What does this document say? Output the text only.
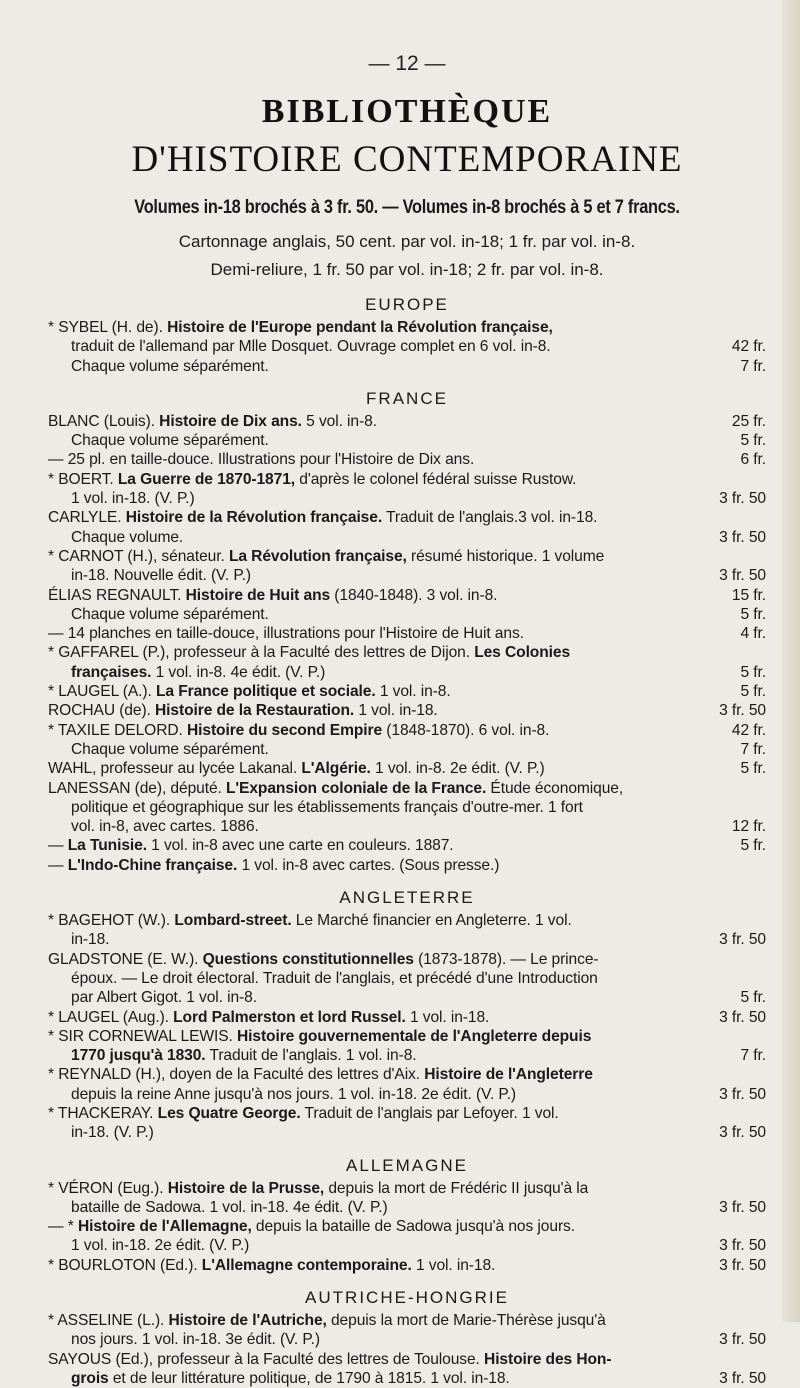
— 12 —
BIBLIOTHÈQUE
D'HISTOIRE CONTEMPORAINE
Volumes in-18 brochés à 3 fr. 50. — Volumes in-8 brochés à 5 et 7 francs.
Cartonnage anglais, 50 cent. par vol. in-18; 1 fr. par vol. in-8.
Demi-reliure, 1 fr. 50 par vol. in-18; 2 fr. par vol. in-8.
EUROPE
* SYBEL (H. de). Histoire de l'Europe pendant la Révolution française,
traduit de l'allemand par Mlle Dosquet. Ouvrage complet en 6 vol. in-8.	42 fr.
Chaque volume séparément.	7 fr.
FRANCE
BLANC (Louis). Histoire de Dix ans. 5 vol. in-8.	25 fr.
Chaque volume séparément.	5 fr.
— 25 pl. en taille-douce. Illustrations pour l'Histoire de Dix ans.	6 fr.
* BOERT. La Guerre de 1870-1871, d'après le colonel fédéral suisse Rustow.
1 vol. in-18. (V. P.)	3 fr. 50
CARLYLE. Histoire de la Révolution française. Traduit de l'anglais.3 vol. in-18.
Chaque volume.	3 fr. 50
* CARNOT (H.), sénateur. La Révolution française, résumé historique. 1 volume
in-18. Nouvelle édit. (V. P.)	3 fr. 50
ÉLIAS REGNAULT. Histoire de Huit ans (1840-1848). 3 vol. in-8.	15 fr.
Chaque volume séparément.	5 fr.
— 14 planches en taille-douce, illustrations pour l'Histoire de Huit ans.	4 fr.
* GAFFAREL (P.), professeur à la Faculté des lettres de Dijon. Les Colonies
françaises. 1 vol. in-8. 4e édit. (V. P.)	5 fr.
* LAUGEL (A.). La France politique et sociale. 1 vol. in-8.	5 fr.
ROCHAU (de). Histoire de la Restauration. 1 vol. in-18.	3 fr. 50
* TAXILE DELORD. Histoire du second Empire (1848-1870). 6 vol. in-8.	42 fr.
Chaque volume séparément.	7 fr.
WAHL, professeur au lycée Lakanal. L'Algérie. 1 vol. in-8. 2e édit. (V. P.)	5 fr.
LANESSAN (de), député. L'Expansion coloniale de la France. Étude économique,
politique et géographique sur les établissements français d'outre-mer. 1 fort
vol. in-8, avec cartes. 1886.	12 fr.
— La Tunisie. 1 vol. in-8 avec une carte en couleurs. 1887.	5 fr.
— L'Indo-Chine française. 1 vol. in-8 avec cartes. (Sous presse.)
ANGLETERRE
* BAGEHOT (W.). Lombard-street. Le Marché financier en Angleterre. 1 vol.
in-18.	3 fr. 50
GLADSTONE (E. W.). Questions constitutionnelles (1873-1878). — Le prince-
époux. — Le droit électoral. Traduit de l'anglais, et précédé d'une Introduction
par Albert Gigot. 1 vol. in-8.	5 fr.
* LAUGEL (Aug.). Lord Palmerston et lord Russel. 1 vol. in-18.	3 fr. 50
* SIR CORNEWAL LEWIS. Histoire gouvernementale de l'Angleterre depuis
1770 jusqu'à 1830. Traduit de l'anglais. 1 vol. in-8.	7 fr.
* REYNALD (H.), doyen de la Faculté des lettres d'Aix. Histoire de l'Angleterre
depuis la reine Anne jusqu'à nos jours. 1 vol. in-18. 2e édit. (V. P.)	3 fr. 50
* THACKERAY. Les Quatre George. Traduit de l'anglais par Lefoyer. 1 vol.
in-18. (V. P.)	3 fr. 50
ALLEMAGNE
* VÉRON (Eug.). Histoire de la Prusse, depuis la mort de Frédéric II jusqu'à la
bataille de Sadowa. 1 vol. in-18. 4e édit. (V. P.)	3 fr. 50
— * Histoire de l'Allemagne, depuis la bataille de Sadowa jusqu'à nos jours.
1 vol. in-18. 2e édit. (V. P.)	3 fr. 50
* BOURLOTON (Ed.). L'Allemagne contemporaine. 1 vol. in-18.	3 fr. 50
AUTRICHE-HONGRIE
* ASSELINE (L.). Histoire de l'Autriche, depuis la mort de Marie-Thérèse jusqu'à
nos jours. 1 vol. in-18. 3e édit. (V. P.)	3 fr. 50
SAYOUS (Ed.), professeur à la Faculté des lettres de Toulouse. Histoire des Hon-
grois et de leur littérature politique, de 1790 à 1815. 1 vol. in-18.	3 fr. 50
